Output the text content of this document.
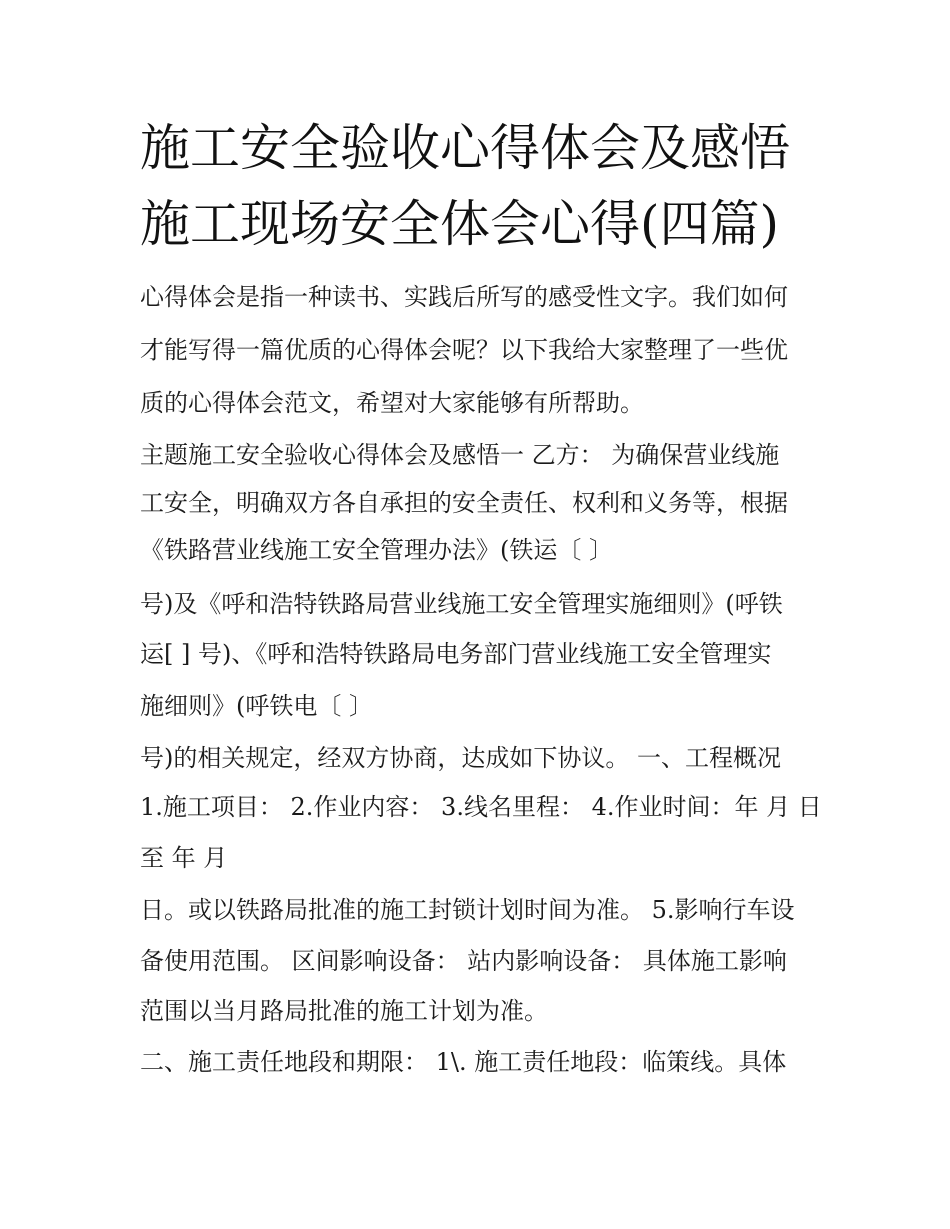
施工安全验收心得体会及感悟
施工现场安全体会心得(四篇)
心得体会是指一种读书、实践后所写的感受性文字。我们如何
才能写得一篇优质的心得体会呢？以下我给大家整理了一些优
质的心得体会范文，希望对大家能够有所帮助。
主题施工安全验收心得体会及感悟一 乙方： 为确保营业线施
工安全，明确双方各自承担的安全责任、权利和义务等，根据
《铁路营业线施工安全管理办法》(铁运〔 〕
号)及《呼和浩特铁路局营业线施工安全管理实施细则》(呼铁
运[ ] 号)、《呼和浩特铁路局电务部门营业线施工安全管理实
施细则》(呼铁电〔 〕
号)的相关规定，经双方协商，达成如下协议。 一、工程概况
1.施工项目： 2.作业内容： 3.线名里程： 4.作业时间：年 月 日
至 年 月
日。或以铁路局批准的施工封锁计划时间为准。 5.影响行车设
备使用范围。 区间影响设备： 站内影响设备： 具体施工影响
范围以当月路局批准的施工计划为准。
二、施工责任地段和期限： 1\. 施工责任地段：临策线。具体
